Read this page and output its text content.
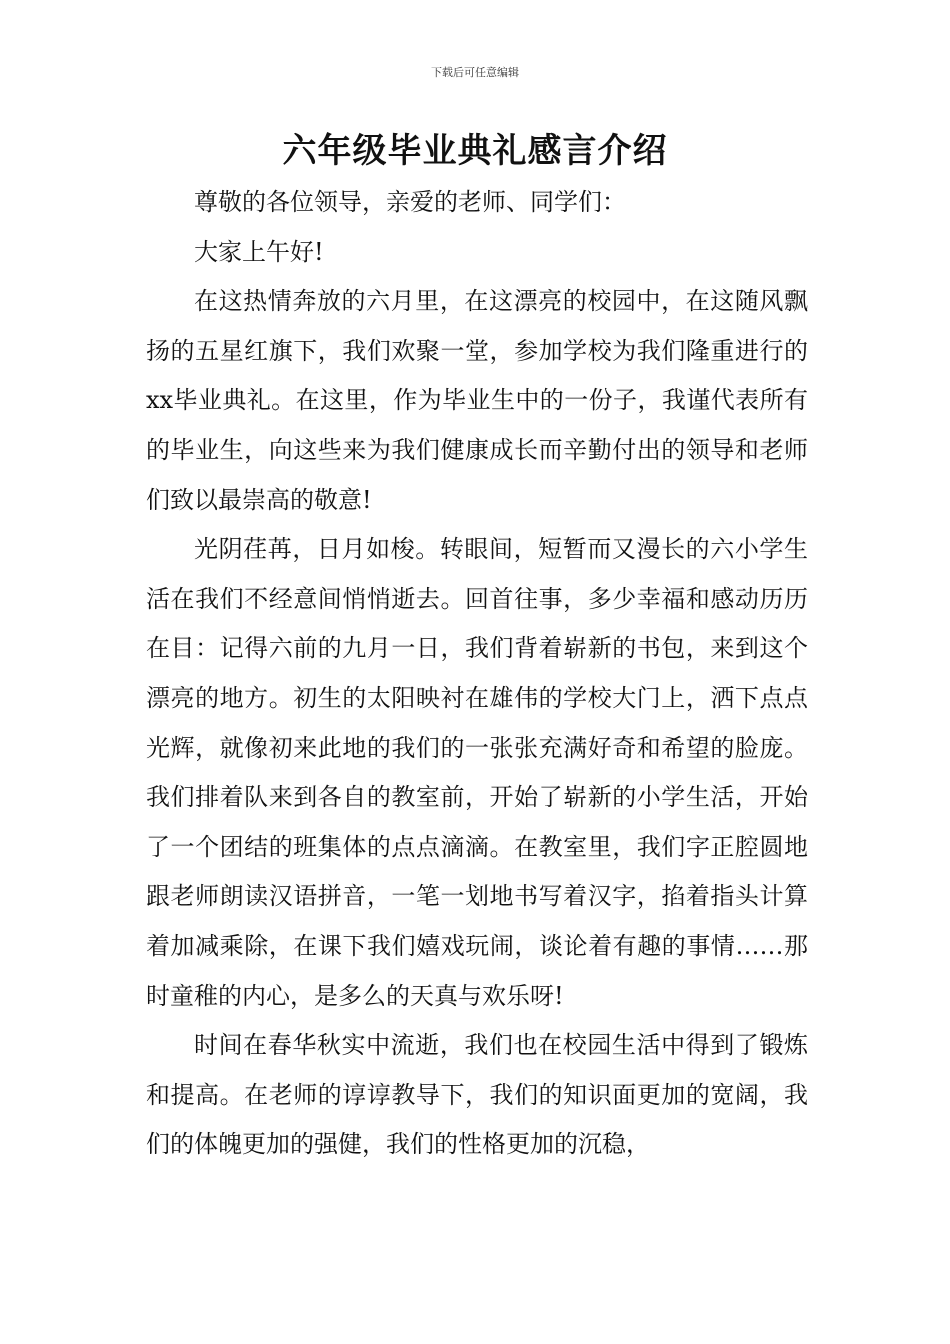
下载后可任意编辑
六年级毕业典礼感言介绍

尊敬的各位领导，亲爱的老师、同学们：

大家上午好!

在这热情奔放的六月里，在这漂亮的校园中，在这随风飘扬的五星红旗下，我们欢聚一堂，参加学校为我们隆重进行的xx毕业典礼。在这里，作为毕业生中的一份子，我谨代表所有的毕业生，向这些来为我们健康成长而辛勤付出的领导和老师们致以最崇高的敬意!

光阴荏苒，日月如梭。转眼间，短暂而又漫长的六小学生活在我们不经意间悄悄逝去。回首往事，多少幸福和感动历历在目：记得六前的九月一日，我们背着崭新的书包，来到这个漂亮的地方。初生的太阳映衬在雄伟的学校大门上，洒下点点光辉，就像初来此地的我们的一张张充满好奇和希望的脸庞。我们排着队来到各自的教室前，开始了崭新的小学生活，开始了一个团结的班集体的点点滴滴。在教室里，我们字正腔圆地跟老师朗读汉语拼音，一笔一划地书写着汉字，掐着指头计算着加减乘除，在课下我们嬉戏玩闹，谈论着有趣的事情……那时童稚的内心，是多么的天真与欢乐呀!

时间在春华秋实中流逝，我们也在校园生活中得到了锻炼和提高。在老师的谆谆教导下，我们的知识面更加的宽阔，我们的体魄更加的强健，我们的性格更加的沉稳，
